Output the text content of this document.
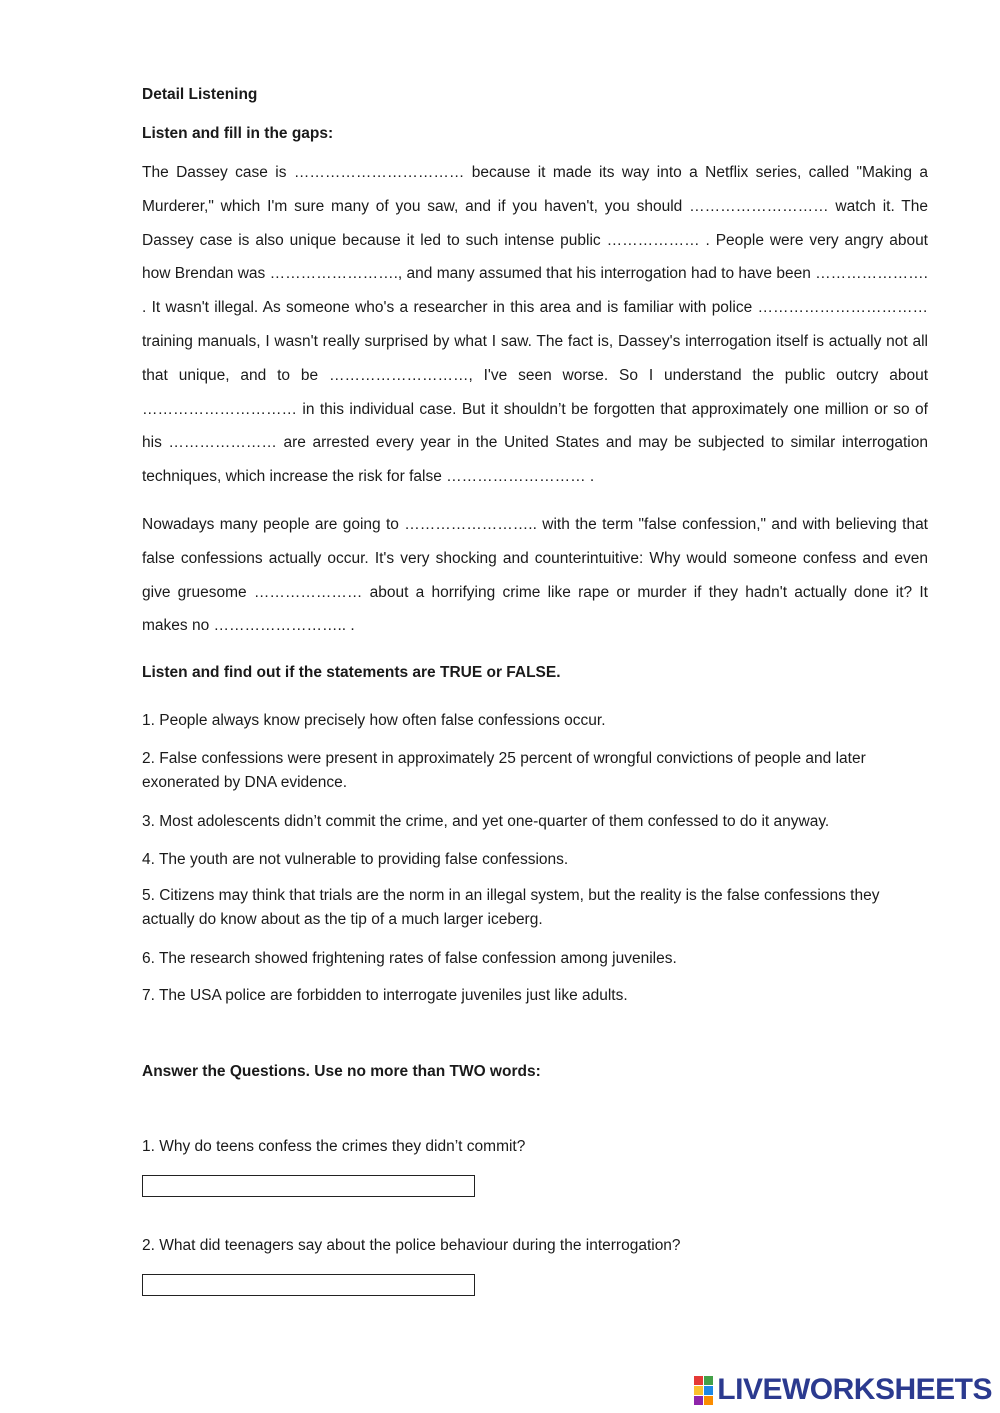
Detail Listening
Listen and fill in the gaps:
The Dassey case is …………………………… because it made its way into a Netflix series, called "Making a Murderer," which I'm sure many of you saw, and if you haven't, you should ……………………… watch it. The Dassey case is also unique because it led to such intense public ……………… . People were very angry about how Brendan was ……………………., and many assumed that his interrogation had to have been …………………. . It wasn't illegal. As someone who's a researcher in this area and is familiar with police …………………………… training manuals, I wasn't really surprised by what I saw. The fact is, Dassey's interrogation itself is actually not all that unique, and to be ………………………, I've seen worse. So I understand the public outcry about ………………………… in this individual case. But it shouldn’t be forgotten that approximately one million or so of his ………………… are arrested every year in the United States and may be subjected to similar interrogation techniques, which increase the risk for false ……………………… .
Nowadays many people are going to …………………….. with the term "false confession," and with believing that false confessions actually occur. It's very shocking and counterintuitive: Why would someone confess and even give gruesome ………………… about a horrifying crime like rape or murder if they hadn't actually done it? It makes no …………………….. .
Listen and find out if the statements are TRUE or FALSE.
1. People always know precisely how often false confessions occur.
2. False confessions were present in approximately 25 percent of wrongful convictions of people and later exonerated by DNA evidence.
3. Most adolescents didn’t commit the crime, and yet one-quarter of them confessed to do it anyway.
4. The youth are not vulnerable to providing false confessions.
5. Citizens may think that trials are the norm in an illegal system, but the reality is the false confessions they actually do know about as the tip of a much larger iceberg.
6. The research showed frightening rates of false confession among juveniles.
7. The USA police are forbidden to interrogate juveniles just like adults.
Answer the Questions. Use no more than TWO words:
1. Why do teens confess the crimes they didn’t commit?
2. What did teenagers say about the police behaviour during the interrogation?
LIVEWORKSHEETS
